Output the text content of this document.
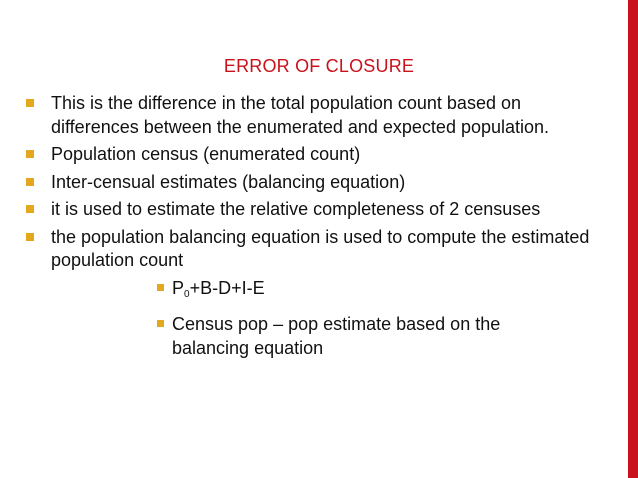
ERROR OF CLOSURE
This is the difference in the total population count based on differences between the enumerated and expected population.
Population census (enumerated count)
Inter-censual estimates (balancing equation)
it is used to estimate the relative completeness of 2 censuses
the population balancing equation is used to compute the estimated population count
$P_0+B-D+I-E$
Census pop – pop estimate based on the balancing equation
